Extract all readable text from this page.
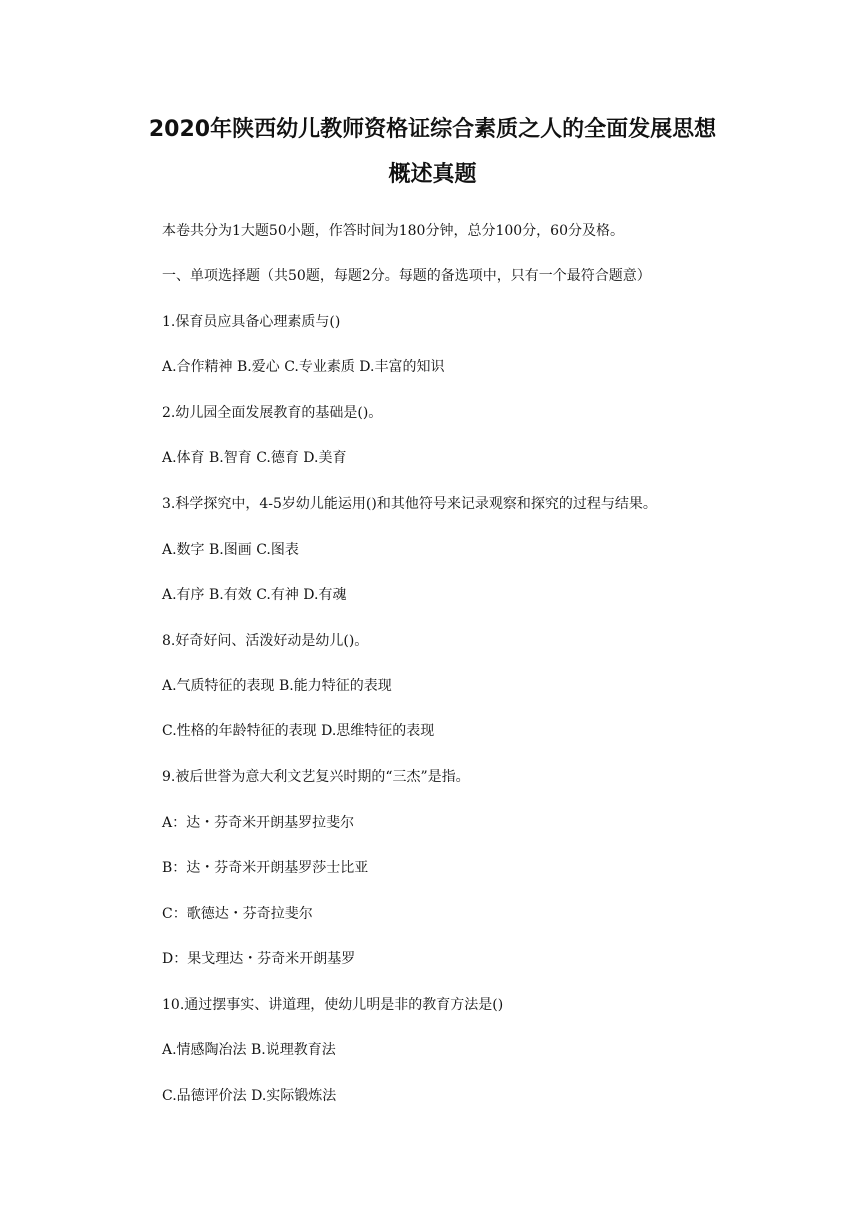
2020年陕西幼儿教师资格证综合素质之人的全面发展思想
概述真题

本卷共分为1大题50小题，作答时间为180分钟，总分100分，60分及格。

一、单项选择题（共50题，每题2分。每题的备选项中，只有一个最符合题意）

1.保育员应具备心理素质与()

A.合作精神 B.爱心 C.专业素质 D.丰富的知识

2.幼儿园全面发展教育的基础是()。

A.体育 B.智育 C.德育 D.美育

3.科学探究中，4-5岁幼儿能运用()和其他符号来记录观察和探究的过程与结果。

A.数字 B.图画 C.图表

A.有序 B.有效 C.有神 D.有魂

8.好奇好问、活泼好动是幼儿()。

A.气质特征的表现 B.能力特征的表现

C.性格的年龄特征的表现 D.思维特征的表现

9.被后世誉为意大利文艺复兴时期的“三杰”是指。

A：达・芬奇米开朗基罗拉斐尔

B：达・芬奇米开朗基罗莎士比亚

C：歌德达・芬奇拉斐尔

D：果戈理达・芬奇米开朗基罗

10.通过摆事实、讲道理，使幼儿明是非的教育方法是()

A.情感陶冶法 B.说理教育法

C.品德评价法 D.实际锻炼法
